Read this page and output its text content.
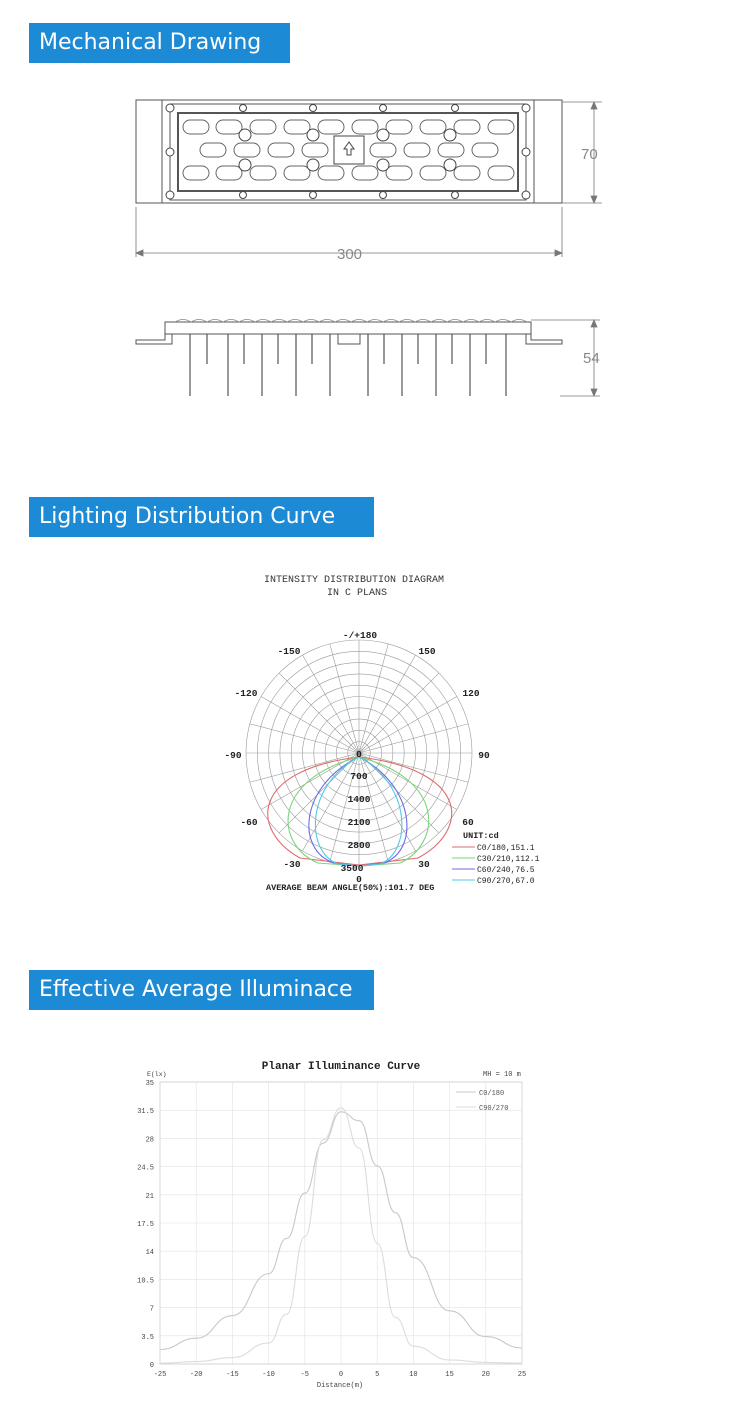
Mechanical Drawing
70
300
54
Lighting Distribution Curve
INTENSITY DISTRIBUTION DIAGRAM
IN C PLANS
-/+180
-150	150
-120	120
-90	90
-60	60
-30	30
0
0
700
1400
2100
2800
3500
UNIT:cd
C0/180,151.1
C30/210,112.1
C60/240,76.5
C90/270,67.0
AVERAGE BEAM ANGLE(50%):101.7 DEG
Effective Average Illuminace
Planar Illuminance Curve
MH = 10 m
E(lx)
Distance(m)
-25	-20	-15	-10	-5	0	5	10	15	20	25
0
3.5
7
10.5
14
17.5
21
24.5
28
31.5
35
C0/180
C90/270
